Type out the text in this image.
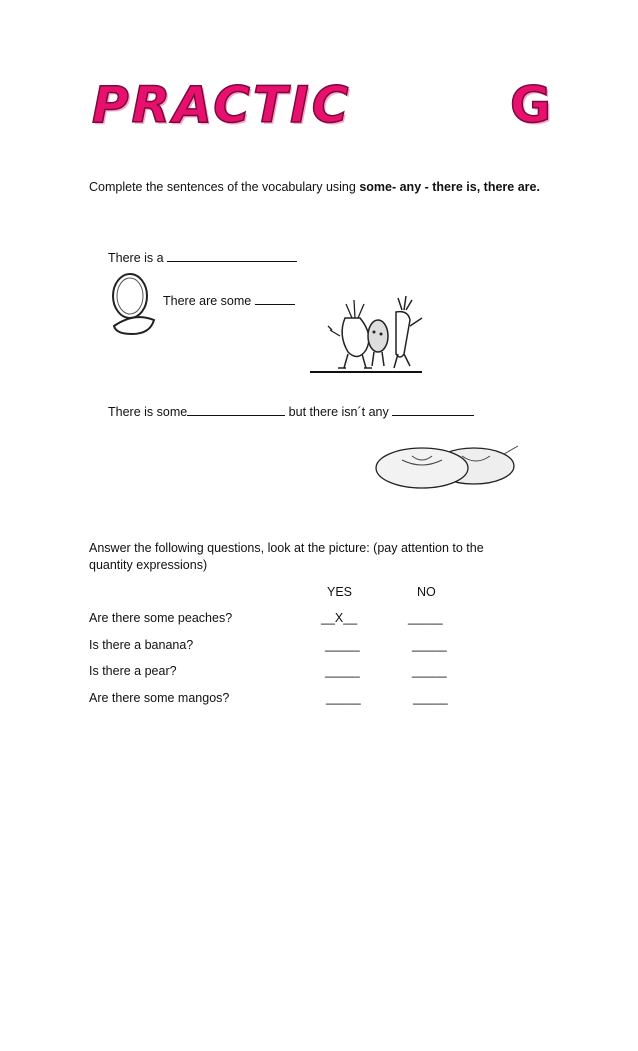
PRACTIC	G
Complete the sentences of the vocabulary using some- any - there is, there are.
There is a
There are some
There is some	but there isn´t any
Answer the following questions, look at the picture: (pay attention to the
quantity expressions)
YES	NO
Are there some peaches?	__X__	_____
Is there a banana?	_____	_____
Is there a pear?	_____	_____
Are there some mangos?	_____	_____
